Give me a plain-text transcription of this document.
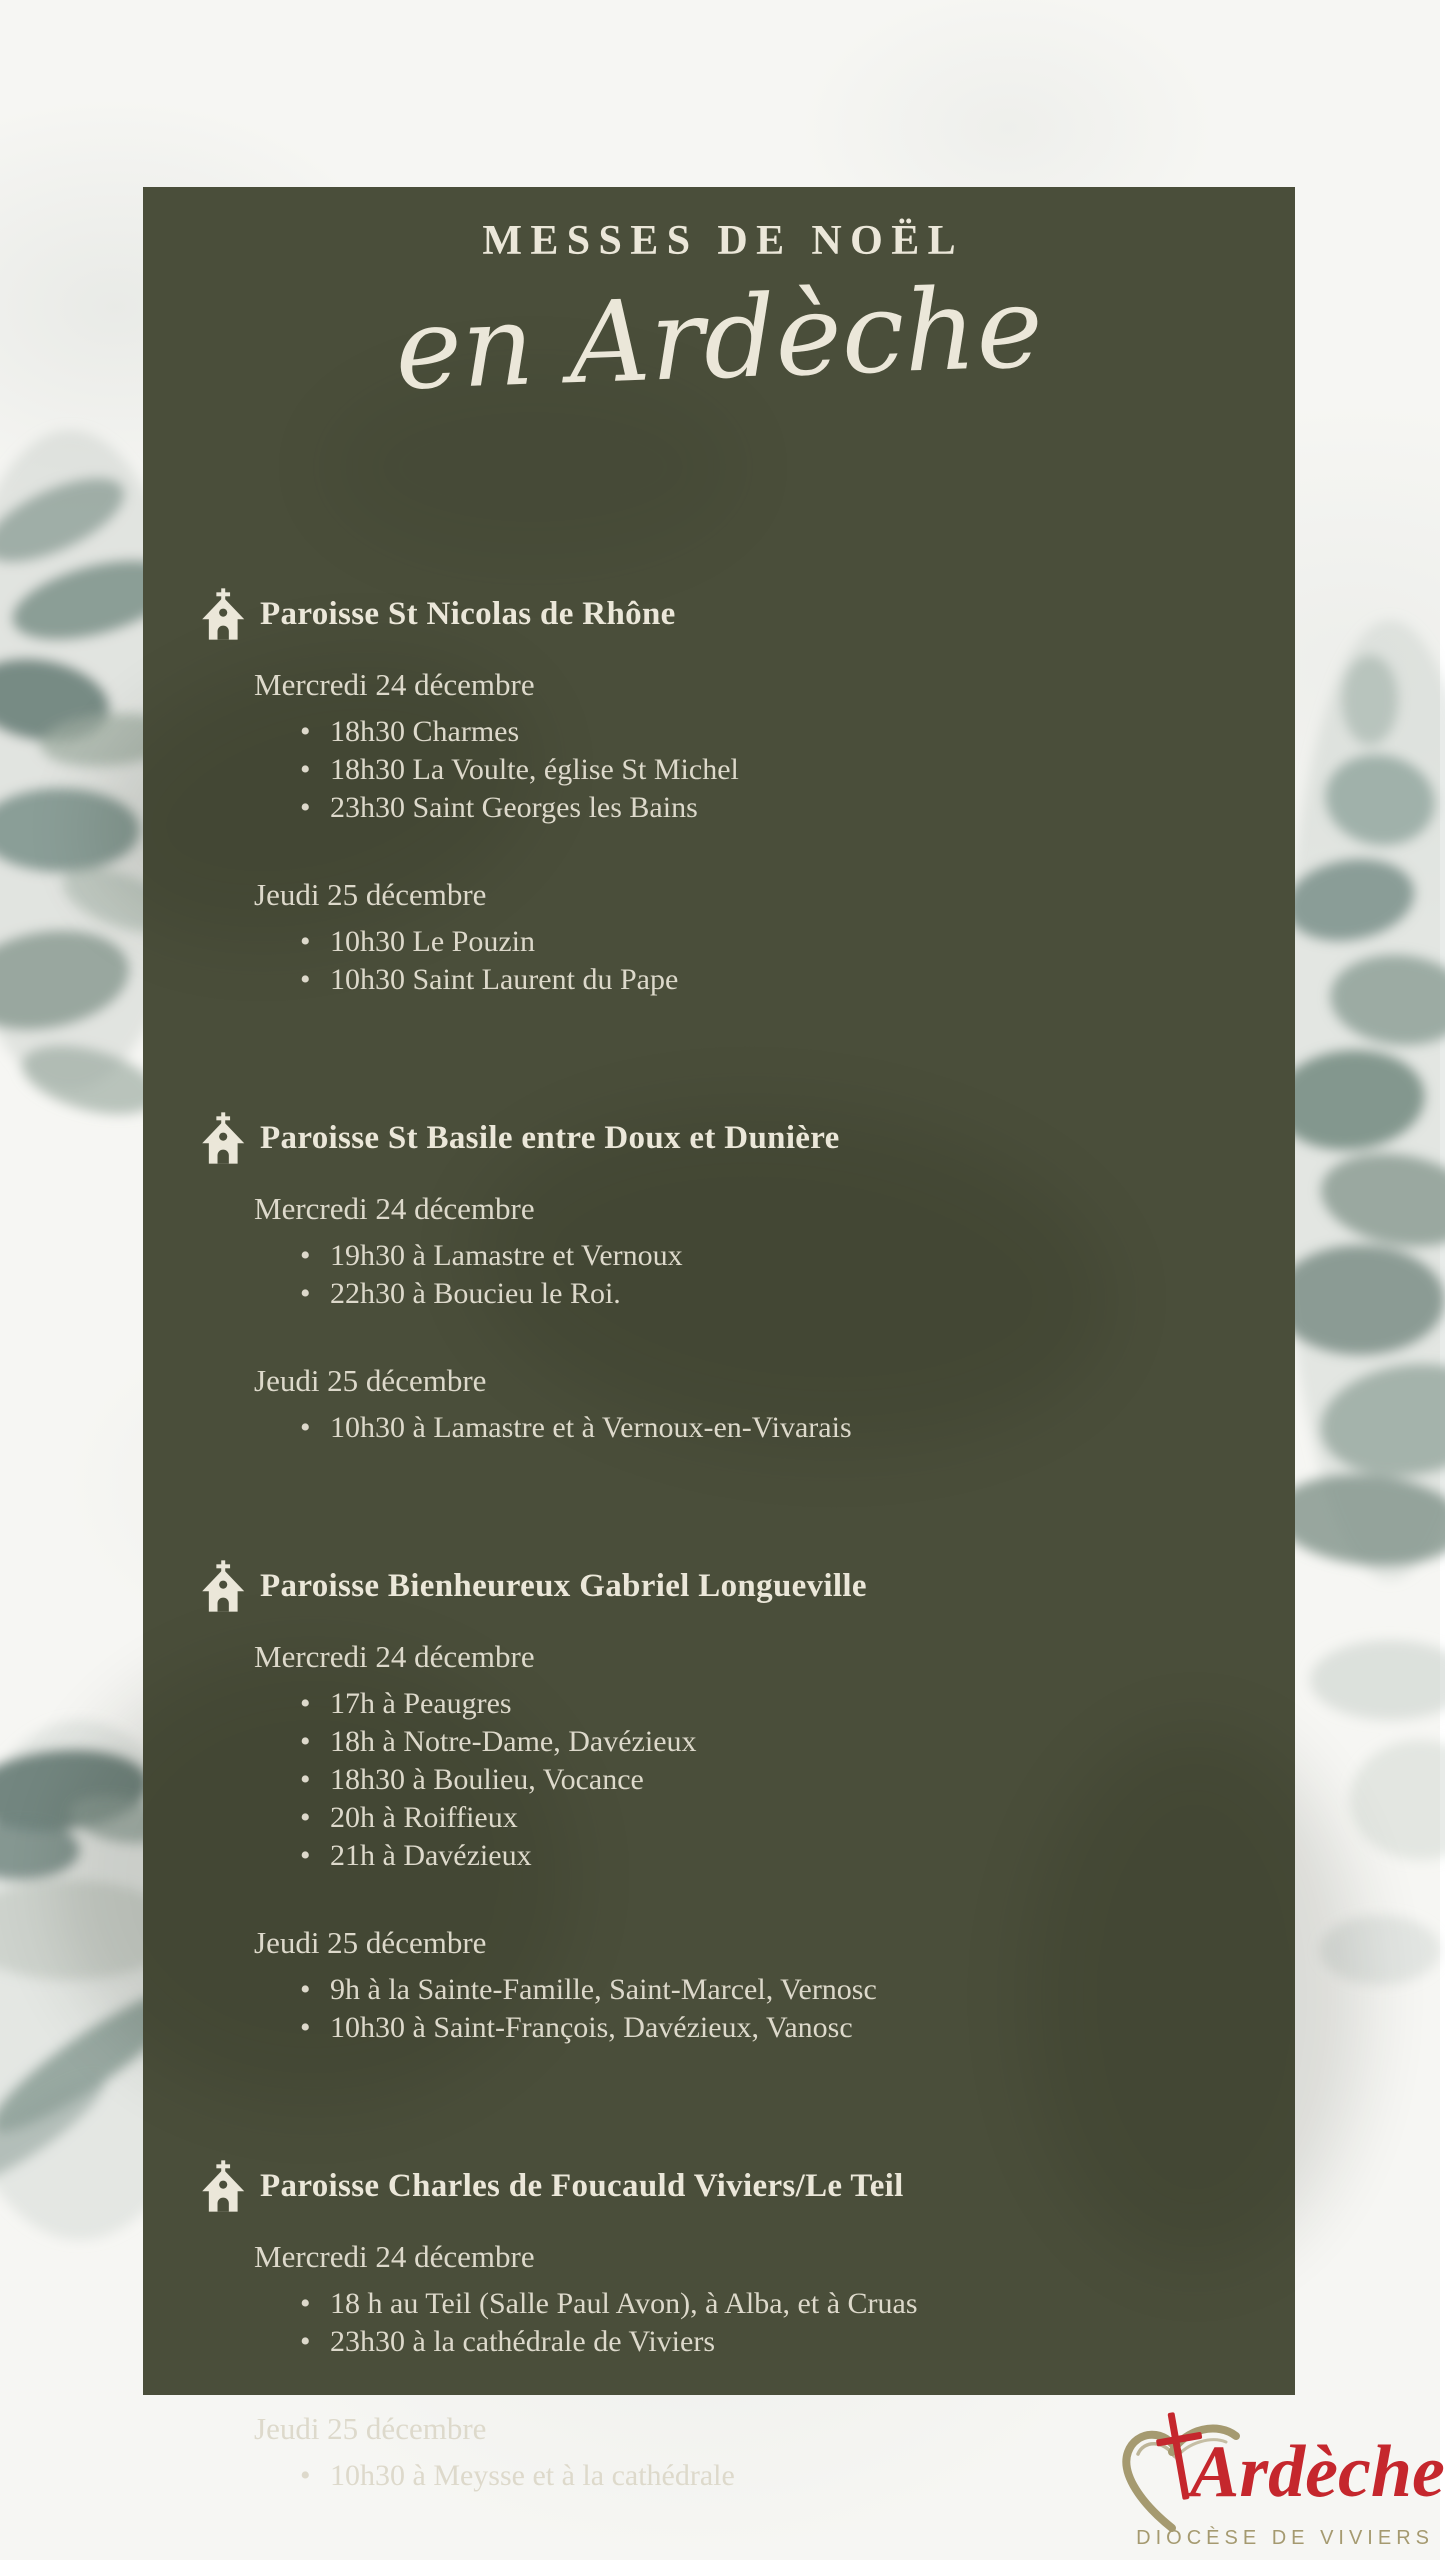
MESSES DE NOËL
en Ardèche
Paroisse St Nicolas de Rhône
Mercredi 24 décembre
• 18h30 Charmes
• 18h30 La Voulte, église St Michel
• 23h30 Saint Georges les Bains
Jeudi 25 décembre
• 10h30 Le Pouzin
• 10h30 Saint Laurent du Pape
Paroisse St Basile entre Doux et Dunière
Mercredi 24 décembre
• 19h30 à Lamastre et Vernoux
• 22h30 à Boucieu le Roi.
Jeudi 25 décembre
• 10h30 à Lamastre et à Vernoux-en-Vivarais
Paroisse Bienheureux Gabriel Longueville
Mercredi 24 décembre
• 17h à Peaugres
• 18h à Notre-Dame, Davézieux
• 18h30 à Boulieu, Vocance
• 20h à Roiffieux
• 21h à Davézieux
Jeudi 25 décembre
• 9h à la Sainte-Famille, Saint-Marcel, Vernosc
• 10h30 à Saint-François, Davézieux, Vanosc
Paroisse Charles de Foucauld Viviers/Le Teil
Mercredi 24 décembre
• 18 h au Teil (Salle Paul Avon), à Alba, et à Cruas
• 23h30 à la cathédrale de Viviers
Jeudi 25 décembre
• 10h30 à Meysse et à la cathédrale	Ardèche
DIOCÈSE DE VIVIERS
